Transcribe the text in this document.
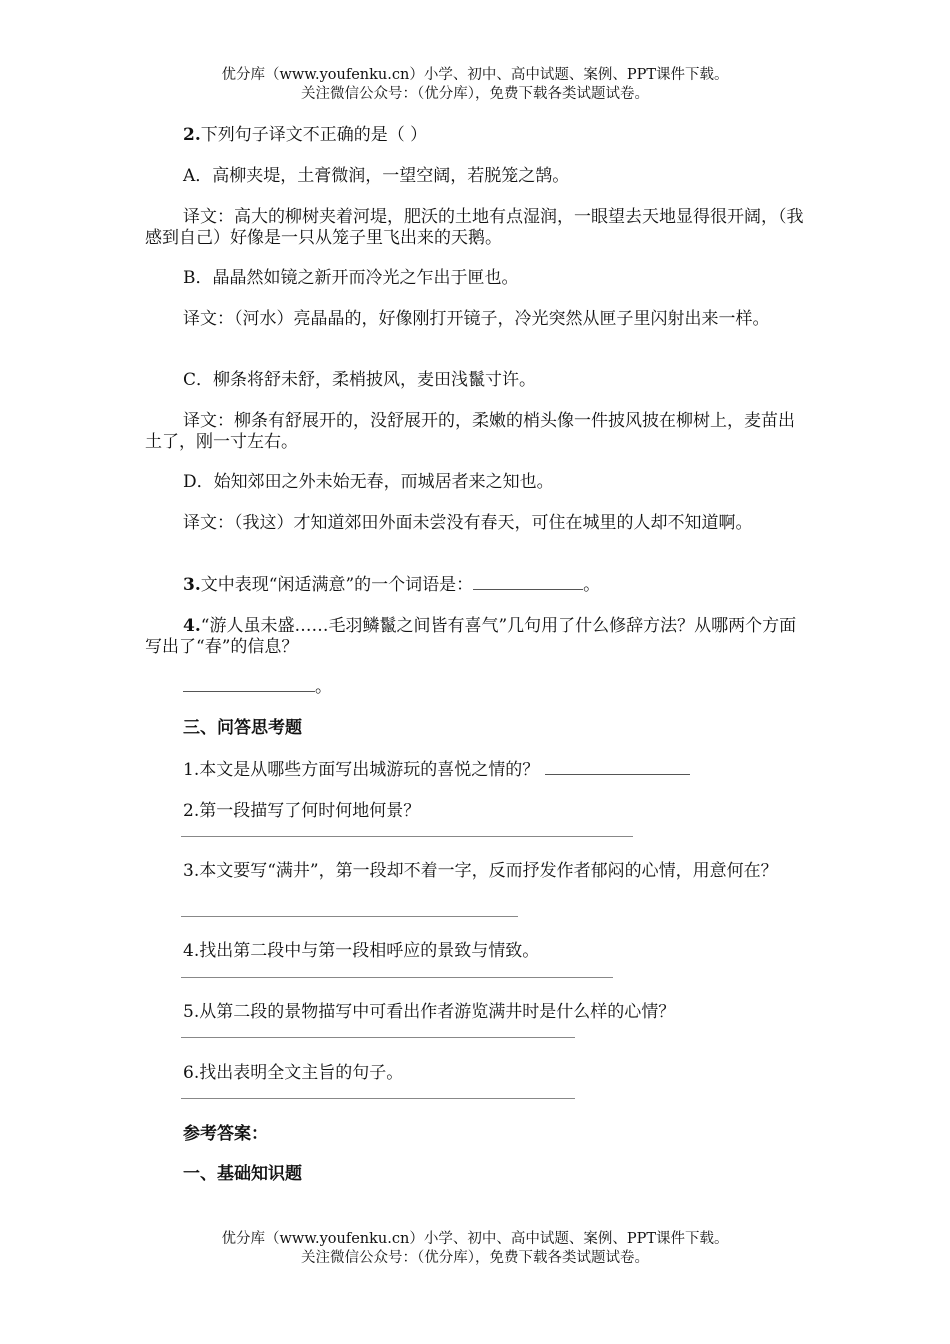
优分库（www.youfenku.cn）小学、初中、高中试题、案例、PPT课件下载。
关注微信公众号：（优分库），免费下载各类试题试卷。

2.下列句子译文不正确的是（ ）

A．高柳夹堤，土膏微润，一望空阔，若脱笼之鹄。

译文：高大的柳树夹着河堤，肥沃的土地有点湿润，一眼望去天地显得很开阔，（我感到自己）好像是一只从笼子里飞出来的天鹅。

B．晶晶然如镜之新开而冷光之乍出于匣也。

译文：（河水）亮晶晶的，好像刚打开镜子，冷光突然从匣子里闪射出来一样。

C．柳条将舒未舒，柔梢披风，麦田浅鬣寸许。

译文：柳条有舒展开的，没舒展开的，柔嫩的梢头像一件披风披在柳树上，麦苗出土了，刚一寸左右。

D．始知郊田之外未始无春，而城居者来之知也。

译文：（我这）才知道郊田外面未尝没有春天，可住在城里的人却不知道啊。

3.文中表现“闲适满意”的一个词语是：	。

4.“游人虽未盛……毛羽鳞鬣之间皆有喜气”几句用了什么修辞方法？从哪两个方面写出了“春”的信息？

。

三、问答思考题

1.本文是从哪些方面写出城游玩的喜悦之情的？

2.第一段描写了何时何地何景？

3.本文要写“满井”，第一段却不着一字，反而抒发作者郁闷的心情，用意何在？

4.找出第二段中与第一段相呼应的景致与情致。

5.从第二段的景物描写中可看出作者游览满井时是什么样的心情？

6.找出表明全文主旨的句子。

参考答案：

一、基础知识题

优分库（www.youfenku.cn）小学、初中、高中试题、案例、PPT课件下载。
关注微信公众号：（优分库），免费下载各类试题试卷。
